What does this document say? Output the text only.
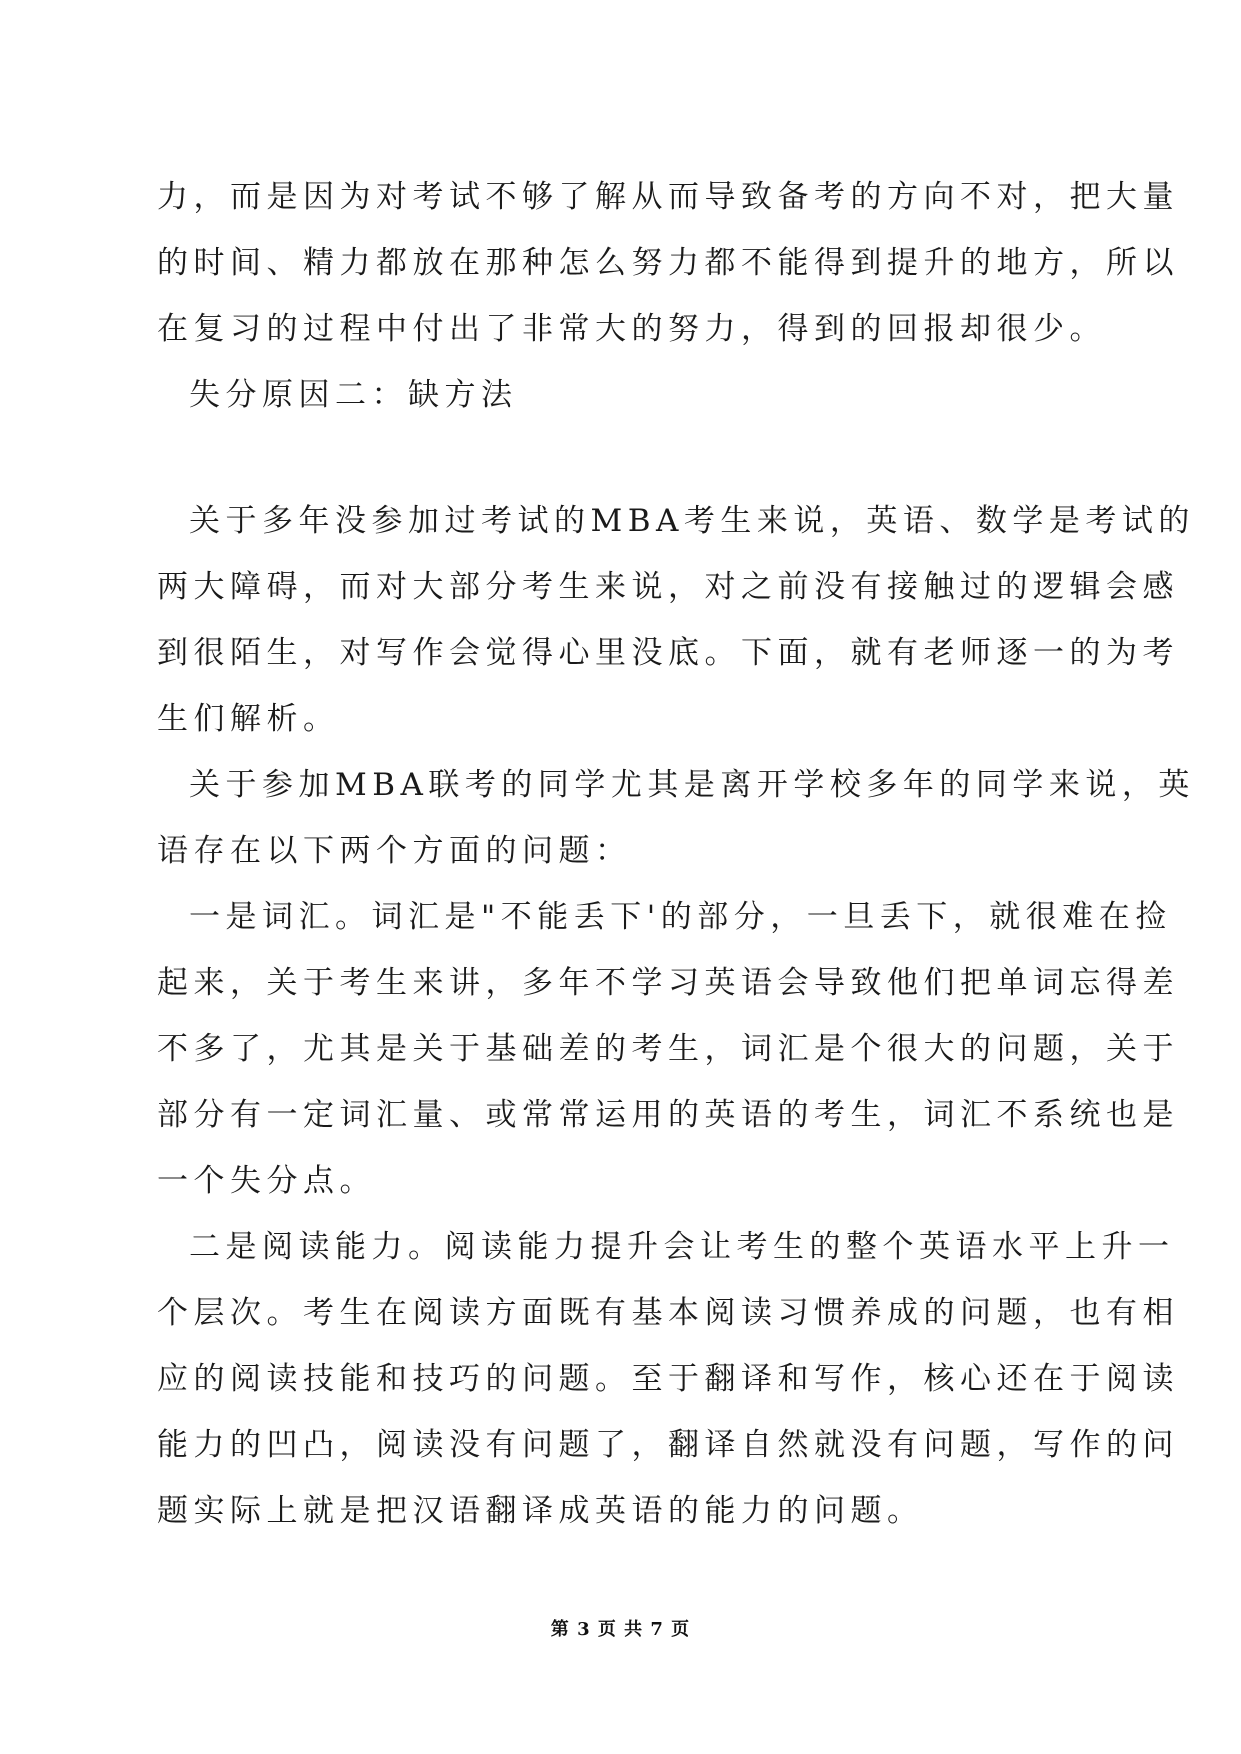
力，而是因为对考试不够了解从而导致备考的方向不对，把大量
的时间、精力都放在那种怎么努力都不能得到提升的地方，所以
在复习的过程中付出了非常大的努力，得到的回报却很少。
失分原因二：缺方法
关于多年没参加过考试的MBA考生来说，英语、数学是考试的
两大障碍，而对大部分考生来说，对之前没有接触过的逻辑会感
到很陌生，对写作会觉得心里没底。下面，就有老师逐一的为考
生们解析。
关于参加MBA联考的同学尤其是离开学校多年的同学来说，英
语存在以下两个方面的问题：
一是词汇。词汇是"不能丢下'的部分，一旦丢下，就很难在捡
起来，关于考生来讲，多年不学习英语会导致他们把单词忘得差
不多了，尤其是关于基础差的考生，词汇是个很大的问题，关于
部分有一定词汇量、或常常运用的英语的考生，词汇不系统也是
一个失分点。
二是阅读能力。阅读能力提升会让考生的整个英语水平上升一
个层次。考生在阅读方面既有基本阅读习惯养成的问题，也有相
应的阅读技能和技巧的问题。至于翻译和写作，核心还在于阅读
能力的凹凸，阅读没有问题了，翻译自然就没有问题，写作的问
题实际上就是把汉语翻译成英语的能力的问题。
第 3 页 共 7 页
